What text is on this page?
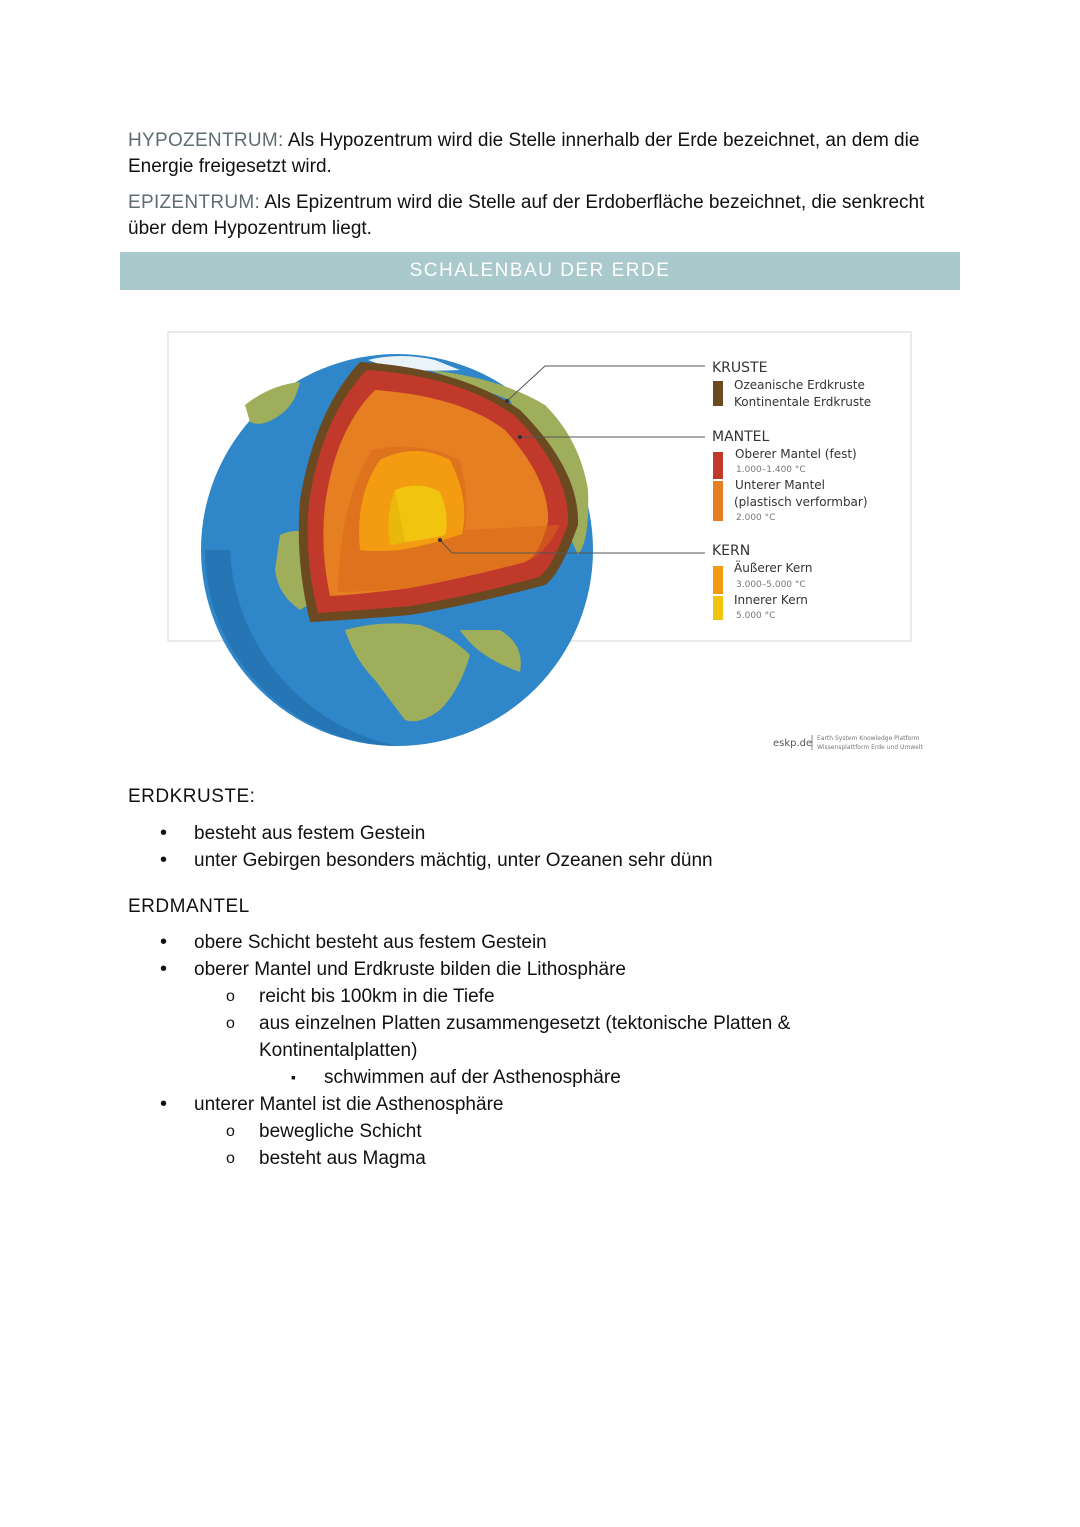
HYPOZENTRUM: Als Hypozentrum wird die Stelle innerhalb der Erde bezeichnet, an dem die Energie freigesetzt wird.
EPIZENTRUM: Als Epizentrum wird die Stelle auf der Erdoberfläche bezeichnet, die senkrecht über dem Hypozentrum liegt.
SCHALENBAU DER ERDE
KRUSTE
Ozeanische Erdkruste
Kontinentale Erdkruste
MANTEL
Oberer Mantel (fest)
1.000–1.400 °C
Unterer Mantel
(plastisch verformbar)
2.000 °C
KERN
Äußerer Kern
3.000–5.000 °C
Innerer Kern
5.000 °C
eskp.de Earth System Knowledge Platform
Wissensplattform Erde und Umwelt
ERDKRUSTE:
• besteht aus festem Gestein
• unter Gebirgen besonders mächtig, unter Ozeanen sehr dünn
ERDMANTEL
• obere Schicht besteht aus festem Gestein
• oberer Mantel und Erdkruste bilden die Lithosphäre
o reicht bis 100km in die Tiefe
o aus einzelnen Platten zusammengesetzt (tektonische Platten & Kontinentalplatten)
▪ schwimmen auf der Asthenosphäre
• unterer Mantel ist die Asthenosphäre
o bewegliche Schicht
o besteht aus Magma
